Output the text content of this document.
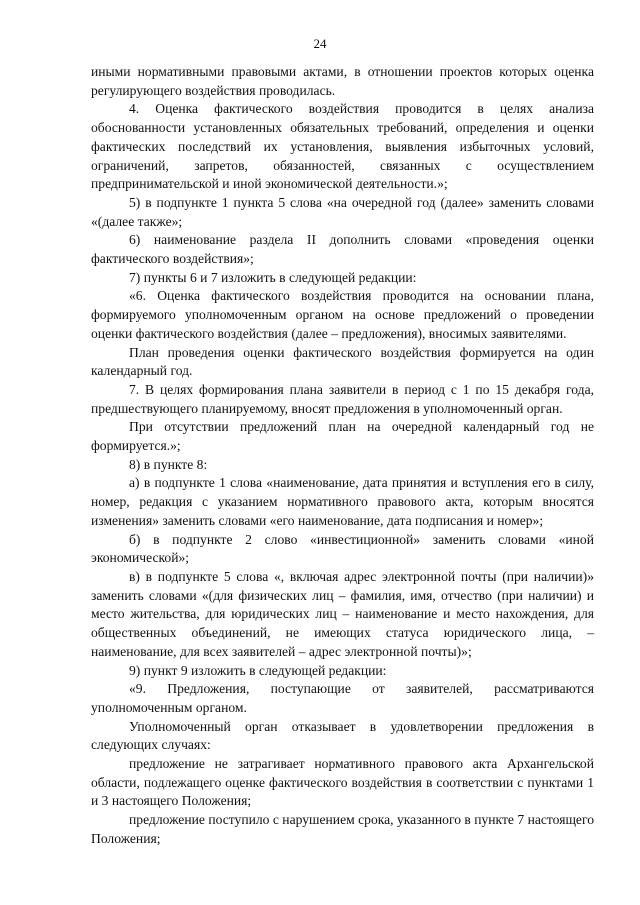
24

иными нормативными правовыми актами, в отношении проектов которых оценка регулирующего воздействия проводилась.

4. Оценка фактического воздействия проводится в целях анализа обоснованности установленных обязательных требований, определения и оценки фактических последствий их установления, выявления избыточных условий, ограничений, запретов, обязанностей, связанных с осуществлением предпринимательской и иной экономической деятельности.»;

5) в подпункте 1 пункта 5 слова «на очередной год (далее» заменить словами «(далее также»;

6) наименование раздела II дополнить словами «проведения оценки фактического воздействия»;

7) пункты 6 и 7 изложить в следующей редакции:

«6. Оценка фактического воздействия проводится на основании плана, формируемого уполномоченным органом на основе предложений о проведении оценки фактического воздействия (далее – предложения), вносимых заявителями.

План проведения оценки фактического воздействия формируется на один календарный год.

7. В целях формирования плана заявители в период с 1 по 15 декабря года, предшествующего планируемому, вносят предложения в уполномоченный орган.

При отсутствии предложений план на очередной календарный год не формируется.»;

8) в пункте 8:

а) в подпункте 1 слова «наименование, дата принятия и вступления его в силу, номер, редакция с указанием нормативного правового акта, которым вносятся изменения» заменить словами «его наименование, дата подписания и номер»;

б) в подпункте 2 слово «инвестиционной» заменить словами «иной экономической»;

в) в подпункте 5 слова «, включая адрес электронной почты (при наличии)» заменить словами «(для физических лиц – фамилия, имя, отчество (при наличии) и место жительства, для юридических лиц – наименование и место нахождения, для общественных объединений, не имеющих статуса юридического лица, – наименование, для всех заявителей – адрес электронной почты)»;

9) пункт 9 изложить в следующей редакции:

«9. Предложения, поступающие от заявителей, рассматриваются уполномоченным органом.

Уполномоченный орган отказывает в удовлетворении предложения в следующих случаях:

предложение не затрагивает нормативного правового акта Архангельской области, подлежащего оценке фактического воздействия в соответствии с пунктами 1 и 3 настоящего Положения;

предложение поступило с нарушением срока, указанного в пункте 7 настоящего Положения;
